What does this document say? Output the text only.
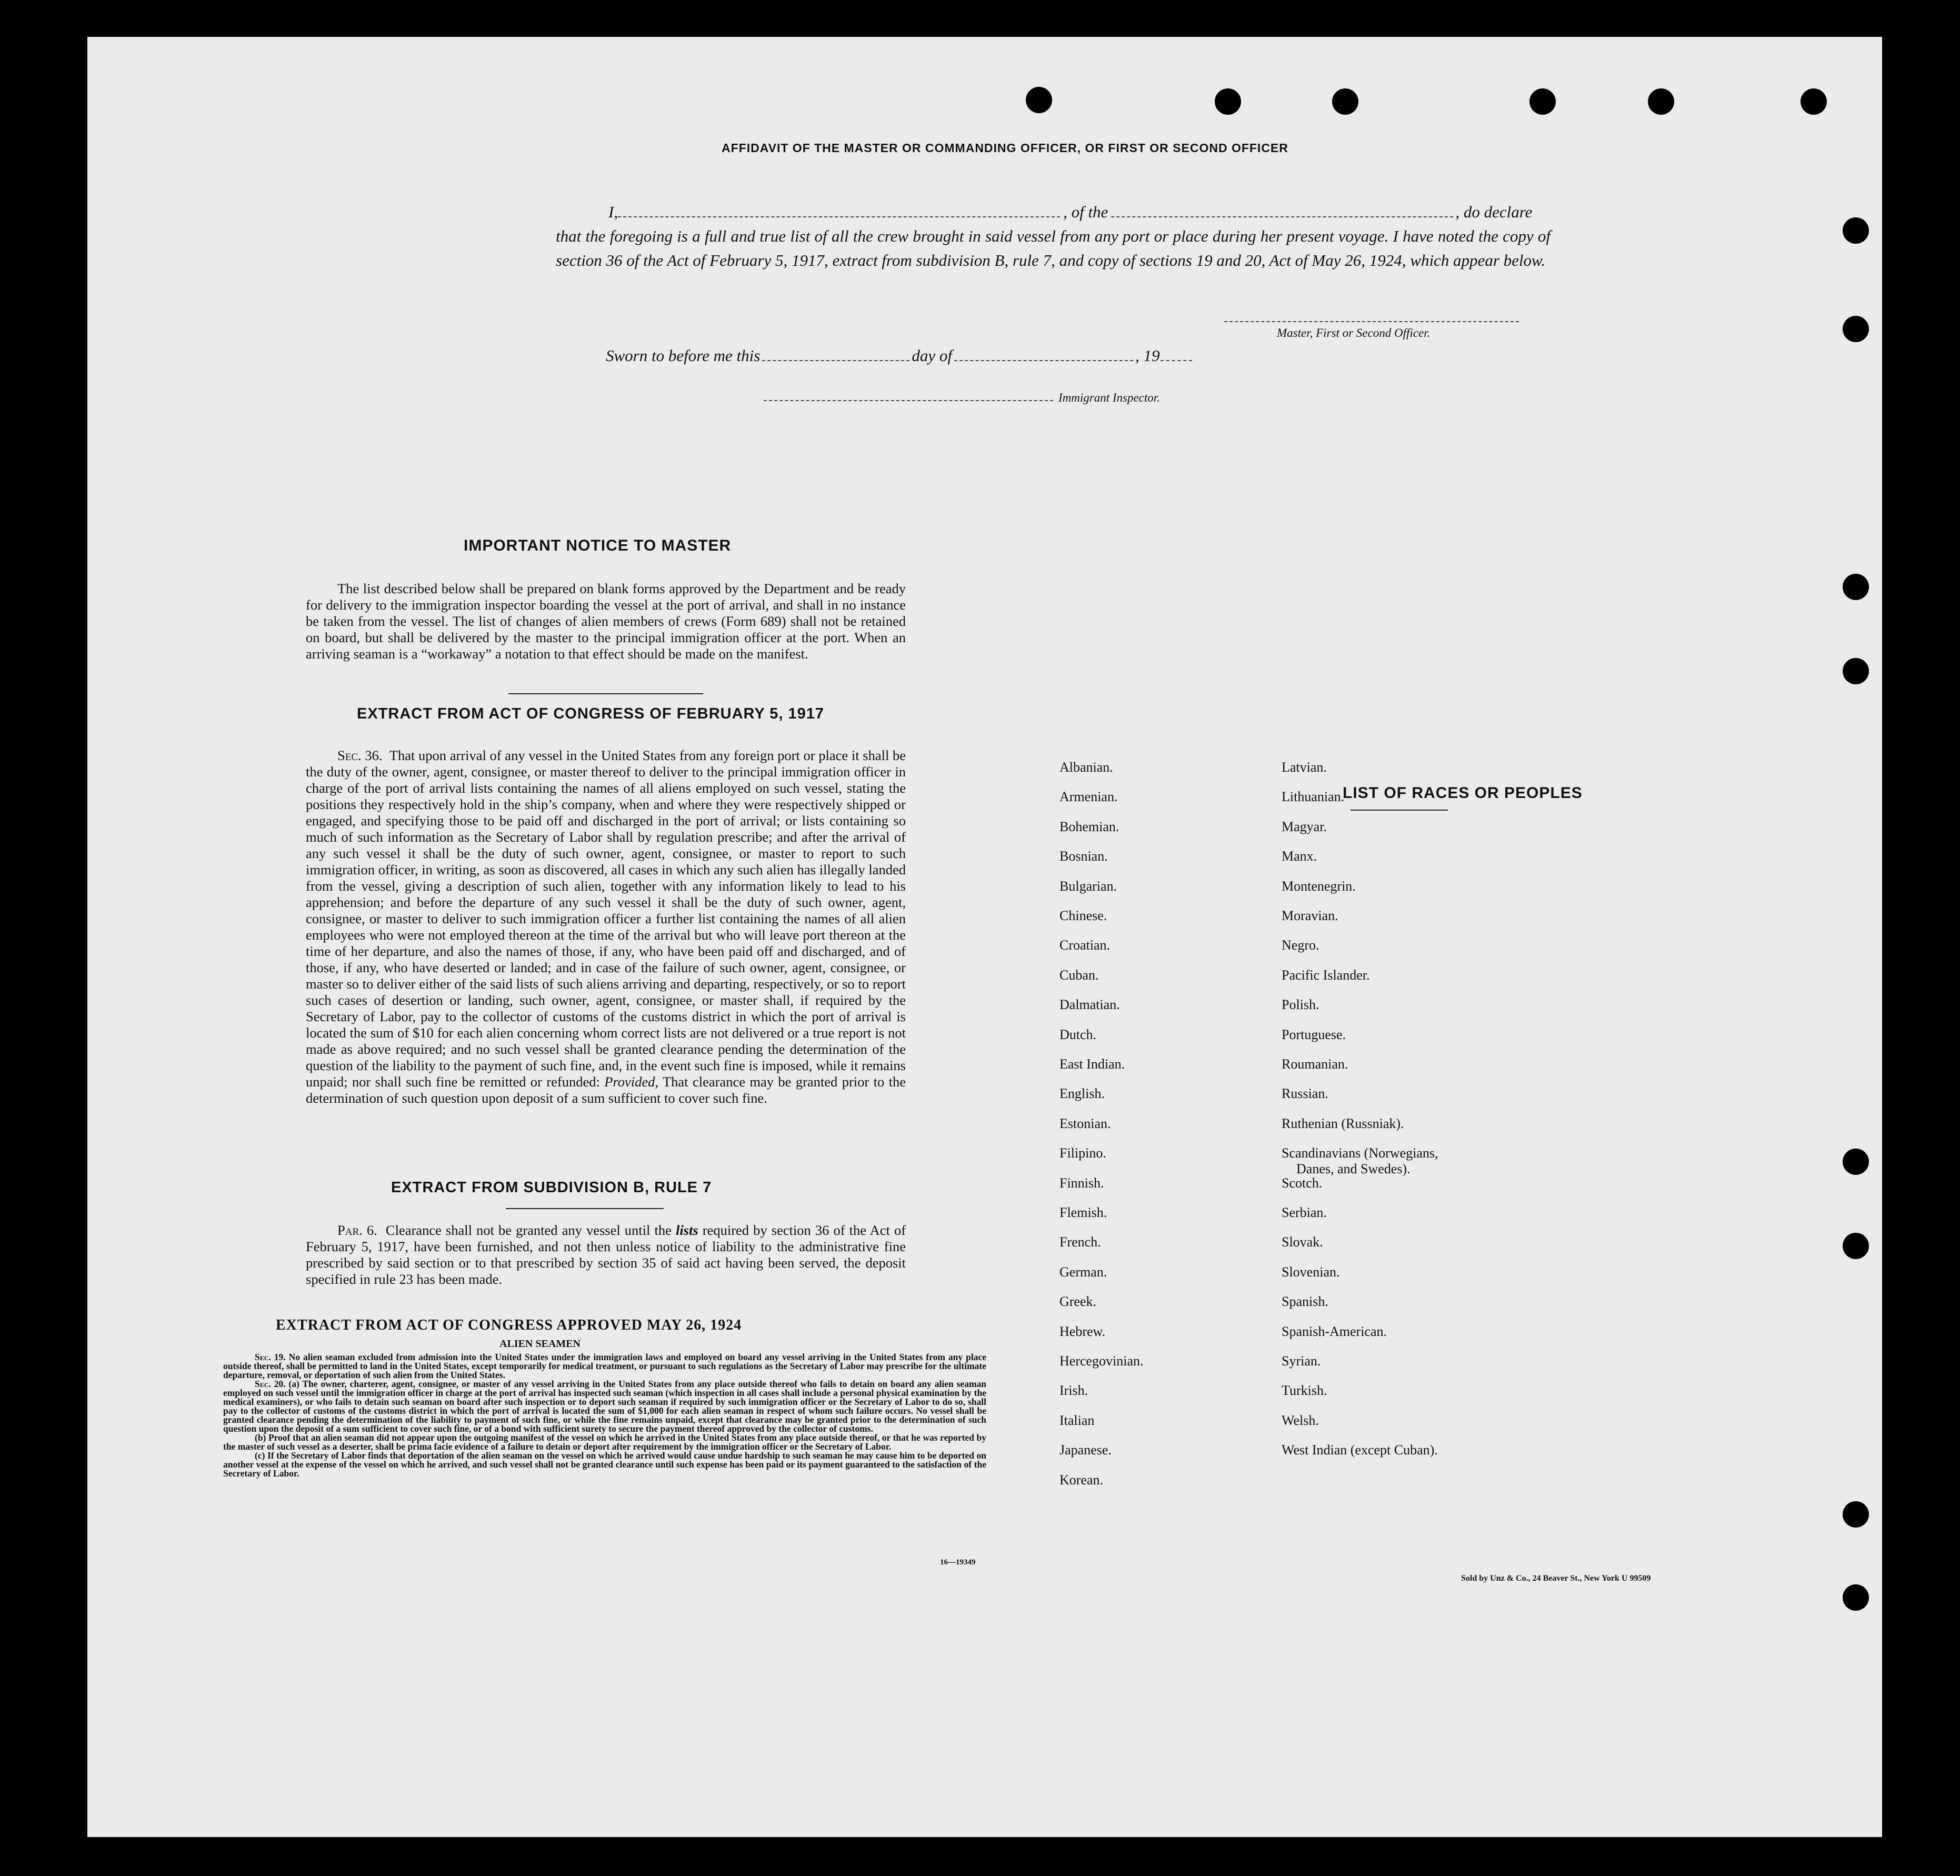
AFFIDAVIT OF THE MASTER OR COMMANDING OFFICER, OR FIRST OR SECOND OFFICER
I,	, of the	, do declare
that the foregoing is a full and true list of all the crew brought in said vessel from any port or place during her present voyage. I have noted the copy of section 36 of the Act of February 5, 1917, extract from subdivision B, rule 7, and copy of sections 19 and 20, Act of May 26, 1924, which appear below.
Master, First or Second Officer.
Sworn to before me this	day of	, 19
Immigrant Inspector.
IMPORTANT NOTICE TO MASTER

The list described below shall be prepared on blank forms approved by the Department and be ready for delivery to the immigration inspector boarding the vessel at the port of arrival, and shall in no instance be taken from the vessel. The list of changes of alien members of crews (Form 689) shall not be retained on board, but shall be delivered by the master to the principal immigration officer at the port. When an arriving seaman is a “workaway” a notation to that effect should be made on the manifest.

EXTRACT FROM ACT OF CONGRESS OF FEBRUARY 5, 1917

Sec. 36. That upon arrival of any vessel in the United States from any foreign port or place it shall be the duty of the owner, agent, consignee, or master thereof to deliver to the principal immigration officer in charge of the port of arrival lists containing the names of all aliens employed on such vessel, stating the positions they respectively hold in the ship’s company, when and where they were respectively shipped or engaged, and specifying those to be paid off and discharged in the port of arrival; or lists containing so much of such information as the Secretary of Labor shall by regulation prescribe; and after the arrival of any such vessel it shall be the duty of such owner, agent, consignee, or master to report to such immigration officer, in writing, as soon as discovered, all cases in which any such alien has illegally landed from the vessel, giving a description of such alien, together with any information likely to lead to his apprehension; and before the departure of any such vessel it shall be the duty of such owner, agent, consignee, or master to deliver to such immigration officer a further list containing the names of all alien employees who were not employed thereon at the time of the arrival but who will leave port thereon at the time of her departure, and also the names of those, if any, who have been paid off and discharged, and of those, if any, who have deserted or landed; and in case of the failure of such owner, agent, consignee, or master so to deliver either of the said lists of such aliens arriving and departing, respectively, or so to report such cases of desertion or landing, such owner, agent, consignee, or master shall, if required by the Secretary of Labor, pay to the collector of customs of the customs district in which the port of arrival is located the sum of $10 for each alien concerning whom correct lists are not delivered or a true report is not made as above required; and no such vessel shall be granted clearance pending the determination of the question of the liability to the payment of such fine, and, in the event such fine is imposed, while it remains unpaid; nor shall such fine be remitted or refunded: Provided, That clearance may be granted prior to the determination of such question upon deposit of a sum sufficient to cover such fine.

EXTRACT FROM SUBDIVISION B, RULE 7

Par. 6. Clearance shall not be granted any vessel until the lists required by section 36 of the Act of February 5, 1917, have been furnished, and not then unless notice of liability to the administrative fine prescribed by said section or to that prescribed by section 35 of said act having been served, the deposit specified in rule 23 has been made.

EXTRACT FROM ACT OF CONGRESS APPROVED MAY 26, 1924
ALIEN SEAMEN

Sec. 19. No alien seaman excluded from admission into the United States under the immigration laws and employed on board any vessel arriving in the United States from any place outside thereof, shall be permitted to land in the United States, except temporarily for medical treatment, or pursuant to such regulations as the Secretary of Labor may prescribe for the ultimate departure, removal, or deportation of such alien from the United States.

Sec. 20. (a) The owner, charterer, agent, consignee, or master of any vessel arriving in the United States from any place outside thereof who fails to detain on board any alien seaman employed on such vessel until the immigration officer in charge at the port of arrival has inspected such seaman (which inspection in all cases shall include a personal physical examination by the medical examiners), or who fails to detain such seaman on board after such inspection or to deport such seaman if required by such immigration officer or the Secretary of Labor to do so, shall pay to the collector of customs of the customs district in which the port of arrival is located the sum of $1,000 for each alien seaman in respect of whom such failure occurs. No vessel shall be granted clearance pending the determination of the liability to payment of such fine, or while the fine remains unpaid, except that clearance may be granted prior to the determination of such question upon the deposit of a sum sufficient to cover such fine, or of a bond with sufficient surety to secure the payment thereof approved by the collector of customs.

(b) Proof that an alien seaman did not appear upon the outgoing manifest of the vessel on which he arrived in the United States from any place outside thereof, or that he was reported by the master of such vessel as a deserter, shall be prima facie evidence of a failure to detain or deport after requirement by the immigration officer or the Secretary of Labor.

(c) If the Secretary of Labor finds that deportation of the alien seaman on the vessel on which he arrived would cause undue hardship to such seaman he may cause him to be deported on another vessel at the expense of the vessel on which he arrived, and such vessel shall not be granted clearance until such expense has been paid or its payment guaranteed to the satisfaction of the Secretary of Labor.

16—19349
LIST OF RACES OR PEOPLES
Albanian.
Armenian.
Bohemian.
Bosnian.
Bulgarian.
Chinese.
Croatian.
Cuban.
Dalmatian.
Dutch.
East Indian.
English.
Estonian.
Filipino.
Finnish.
Flemish.
French.
German.
Greek.
Hebrew.
Hercegovinian.
Irish.
Italian
Japanese.
Korean.
Latvian.
Lithuanian.
Magyar.
Manx.
Montenegrin.
Moravian.
Negro.
Pacific Islander.
Polish.
Portuguese.
Roumanian.
Russian.
Ruthenian (Russniak).
Scandinavians (Norwegians,
Danes, and Swedes).
Scotch.
Serbian.
Slovak.
Slovenian.
Spanish.
Spanish-American.
Syrian.
Turkish.
Welsh.
West Indian (except Cuban).
Sold by Unz & Co., 24 Beaver St., New York U 99509
